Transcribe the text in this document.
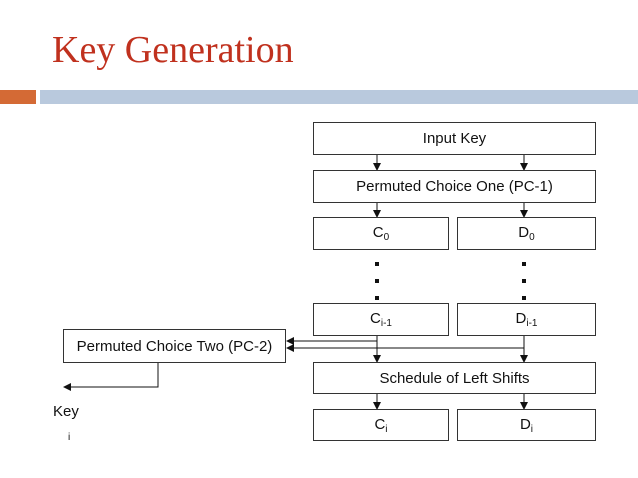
Key Generation
Input Key
Permuted Choice One (PC-1)
$C_0$	$D_0$
$C_{i-1}$	$D_{i-1}$
Permuted Choice Two (PC-2)
Schedule of Left Shifts
$C_i$	$D_i$
Key
i
